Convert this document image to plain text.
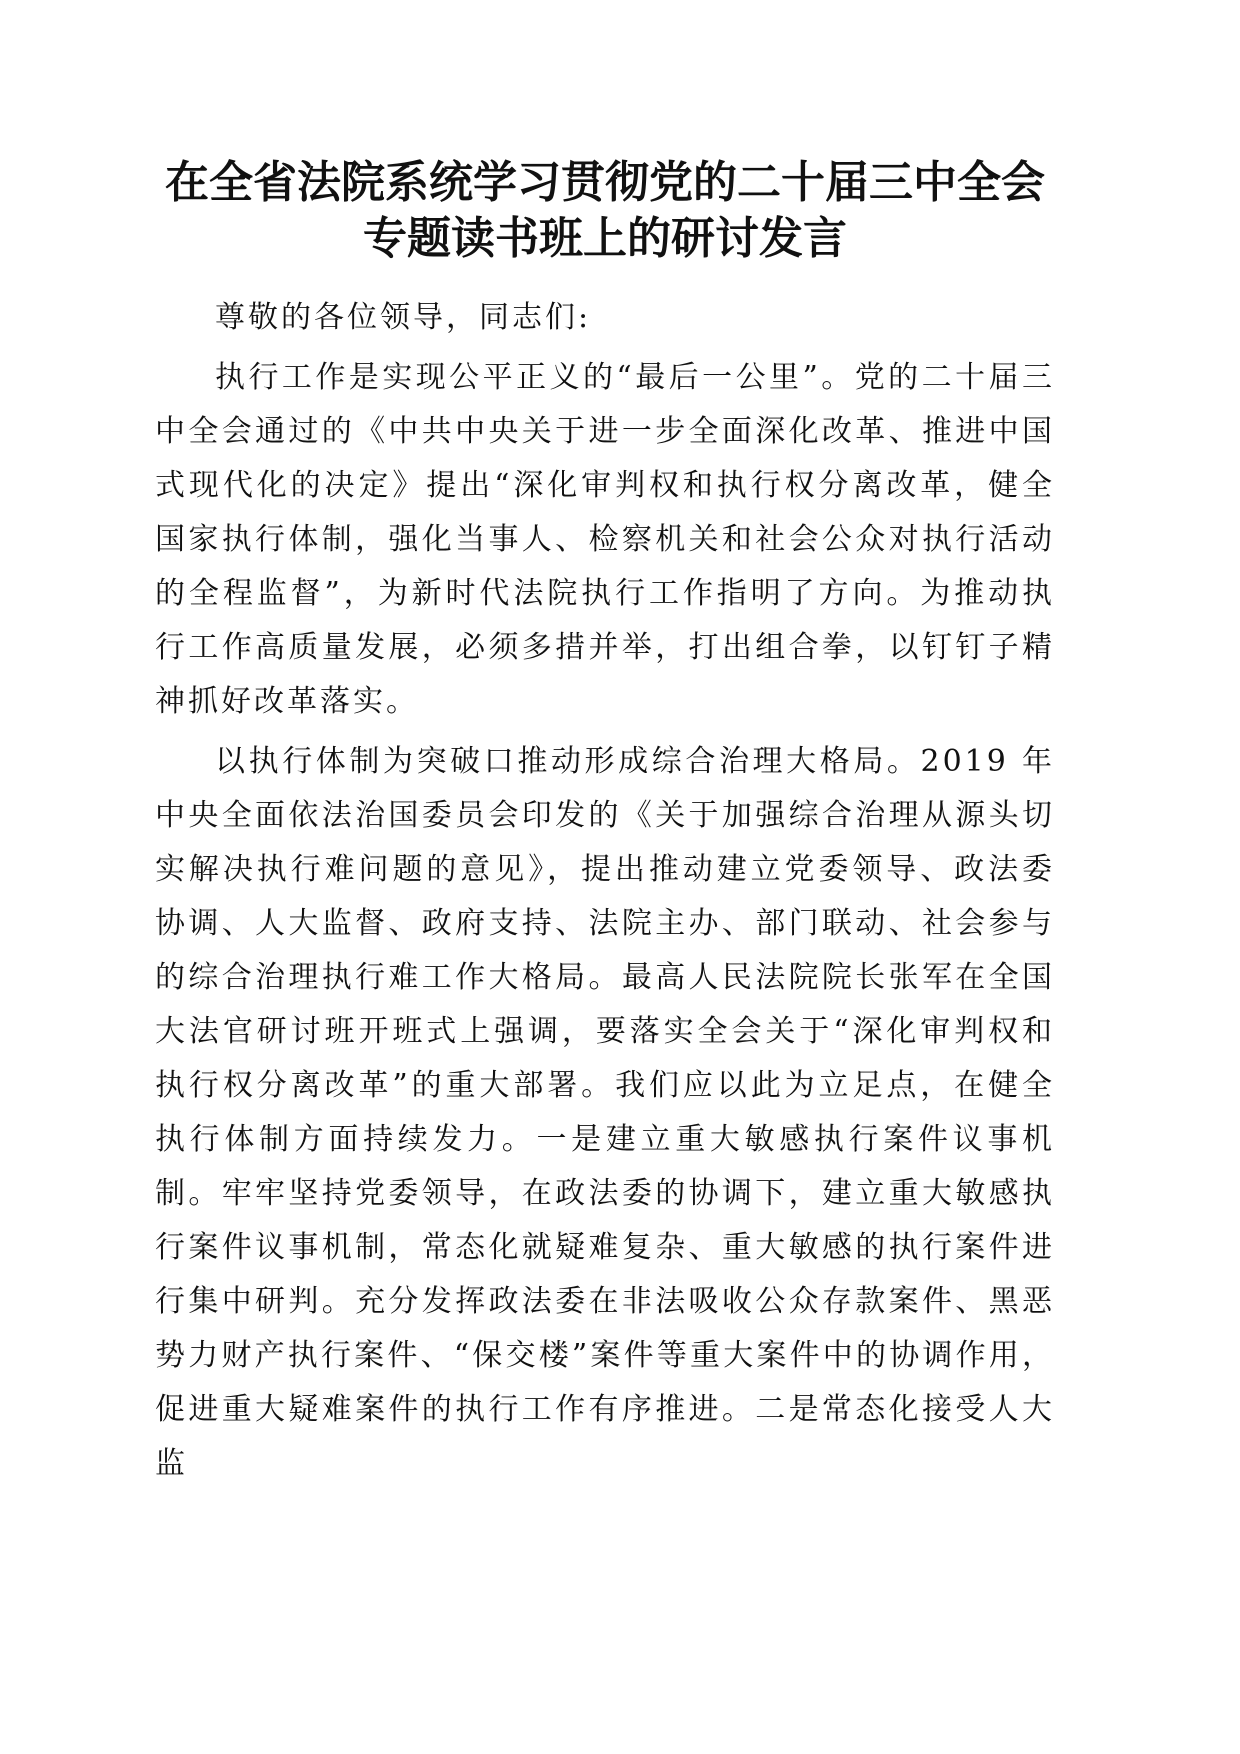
在全省法院系统学习贯彻党的二十届三中全会
专题读书班上的研讨发言

尊敬的各位领导，同志们:

执行工作是实现公平正义的“最后一公里”。党的二十届三中全会通过的《中共中央关于进一步全面深化改革、推进中国式现代化的决定》提出“深化审判权和执行权分离改革，健全国家执行体制，强化当事人、检察机关和社会公众对执行活动的全程监督”，为新时代法院执行工作指明了方向。为推动执行工作高质量发展，必须多措并举，打出组合拳，以钉钉子精神抓好改革落实。

以执行体制为突破口推动形成综合治理大格局。2019 年中央全面依法治国委员会印发的《关于加强综合治理从源头切实解决执行难问题的意见》，提出推动建立党委领导、政法委协调、人大监督、政府支持、法院主办、部门联动、社会参与的综合治理执行难工作大格局。最高人民法院院长张军在全国大法官研讨班开班式上强调，要落实全会关于“深化审判权和执行权分离改革”的重大部署。我们应以此为立足点，在健全执行体制方面持续发力。一是建立重大敏感执行案件议事机制。牢牢坚持党委领导，在政法委的协调下，建立重大敏感执行案件议事机制，常态化就疑难复杂、重大敏感的执行案件进行集中研判。充分发挥政法委在非法吸收公众存款案件、黑恶势力财产执行案件、“保交楼”案件等重大案件中的协调作用，促进重大疑难案件的执行工作有序推进。二是常态化接受人大监
